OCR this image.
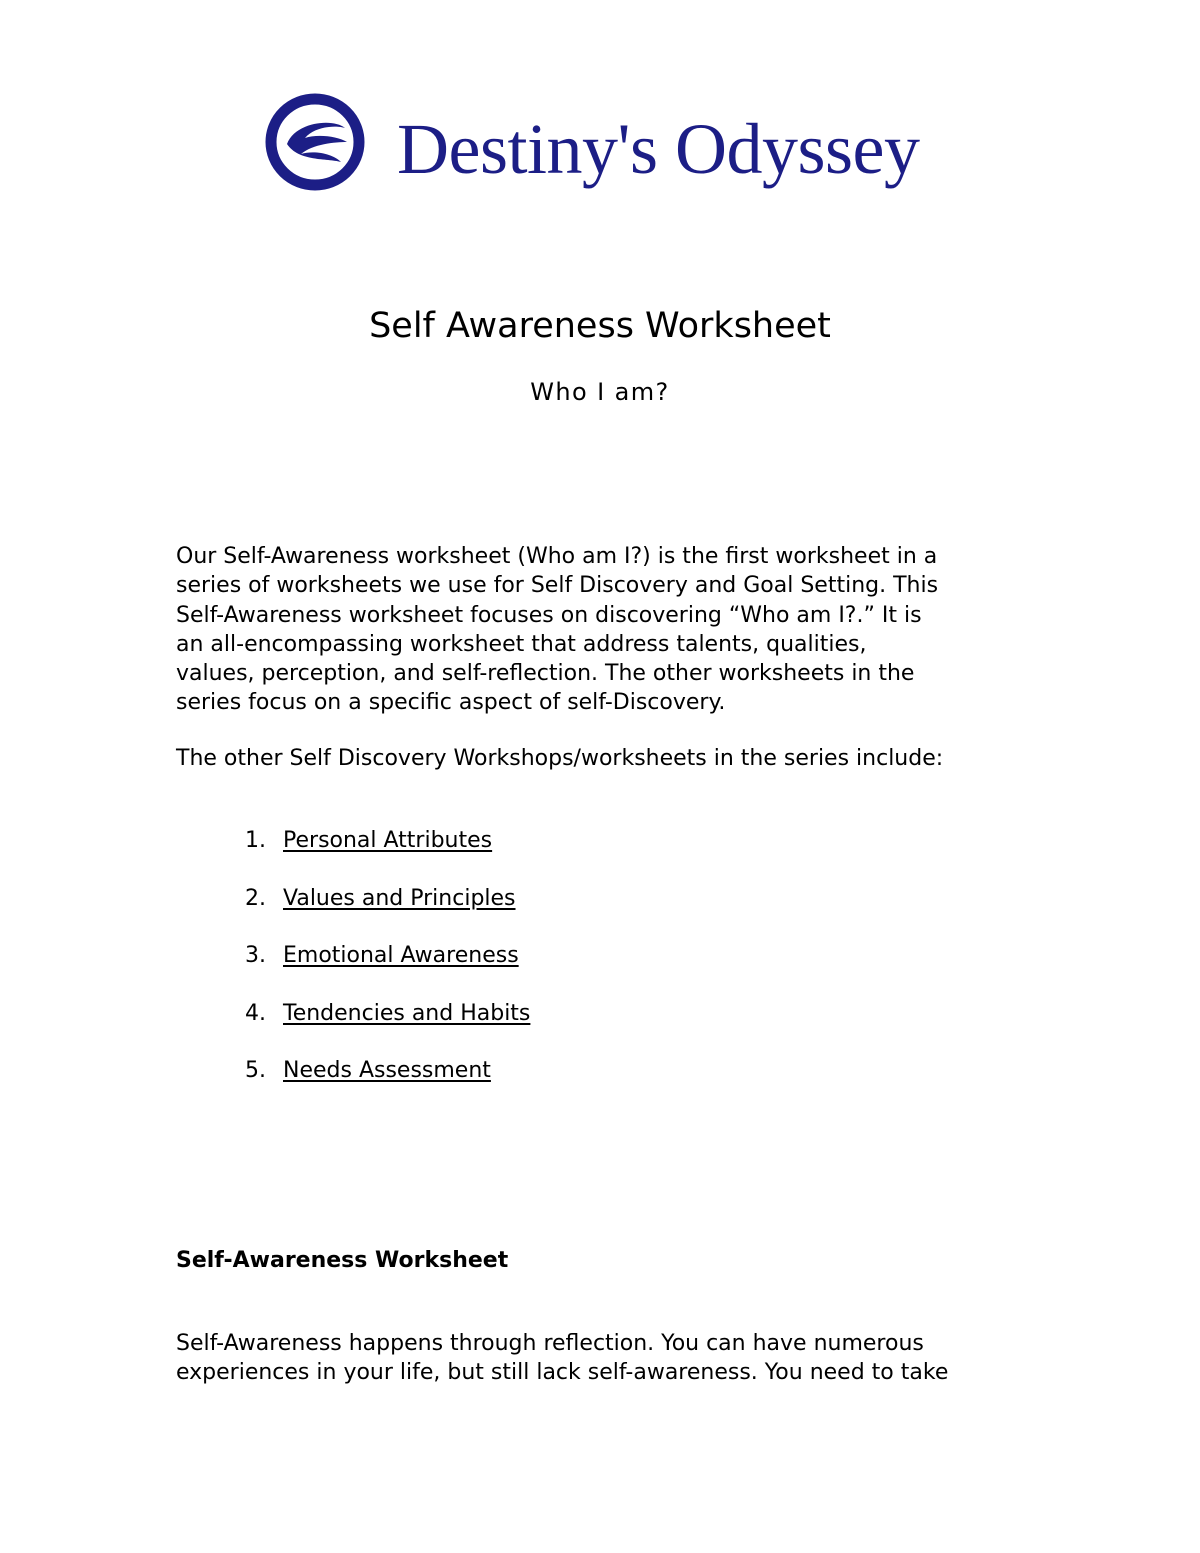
Destiny's Odyssey
Self Awareness Worksheet

Who I am?

Our Self-Awareness worksheet (Who am I?) is the first worksheet in a
series of worksheets we use for Self Discovery and Goal Setting. This
Self-Awareness worksheet focuses on discovering “Who am I?.” It is
an all-encompassing worksheet that address talents, qualities,
values, perception, and self-reflection. The other worksheets in the
series focus on a specific aspect of self-Discovery.

The other Self Discovery Workshops/worksheets in the series include:

1. Personal Attributes
2. Values and Principles
3. Emotional Awareness
4. Tendencies and Habits
5. Needs Assessment
Self-Awareness Worksheet

Self-Awareness happens through reflection. You can have numerous
experiences in your life, but still lack self-awareness. You need to take
